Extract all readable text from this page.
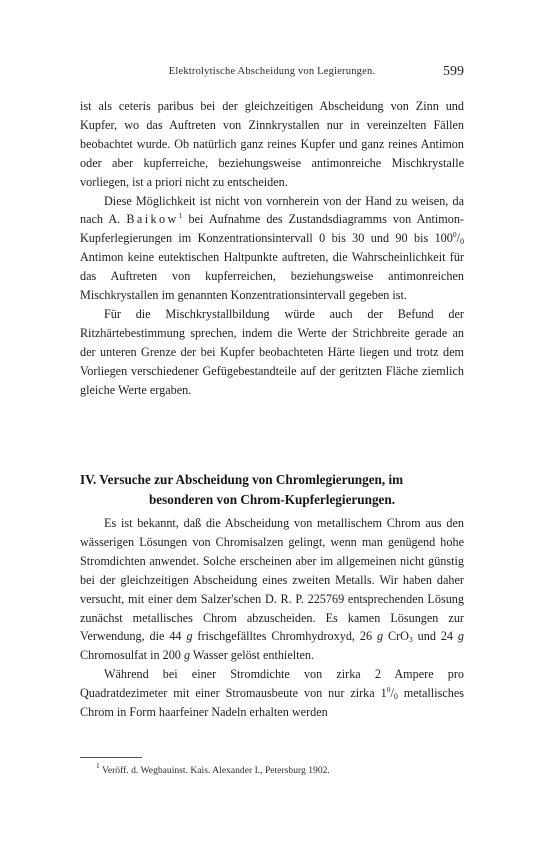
Elektrolytische Abscheidung von Legierungen.	599

ist als ceteris paribus bei der gleichzeitigen Abscheidung von Zinn und Kupfer, wo das Auftreten von Zinnkrystallen nur in vereinzelten Fällen beobachtet wurde. Ob natürlich ganz reines Kupfer und ganz reines Antimon oder aber kupferreiche, beziehungsweise antimonreiche Mischkrystalle vorliegen, ist a priori nicht zu entscheiden.

Diese Möglichkeit ist nicht von vornherein von der Hand zu weisen, da nach A. Baikow$^1$ bei Aufnahme des Zustandsdiagramms von Antimon-Kupferlegierungen im Konzentrationsintervall 0 bis 30 und 90 bis $100^0/0$ Antimon keine eutektischen Haltpunkte auftreten, die Wahrscheinlichkeit für das Auftreten von kupferreichen, beziehungsweise antimonreichen Mischkrystallen im genannten Konzentrationsintervall gegeben ist.

Für die Mischkrystallbildung würde auch der Befund der Ritzhärtebestimmung sprechen, indem die Werte der Strichbreite gerade an der unteren Grenze der bei Kupfer beobachteten Härte liegen und trotz dem Vorliegen verschiedener Gefügebestandteile auf der geritzten Fläche ziemlich gleiche Werte ergaben.

IV. Versuche zur Abscheidung von Chromlegierungen, im
besonderen von Chrom-Kupferlegierungen.

Es ist bekannt, daß die Abscheidung von metallischem Chrom aus den wässerigen Lösungen von Chromisalzen gelingt, wenn man genügend hohe Stromdichten anwendet. Solche erscheinen aber im allgemeinen nicht günstig bei der gleichzeitigen Abscheidung eines zweiten Metalls. Wir haben daher versucht, mit einer dem Salzer'schen D. R. P. 225769 entsprechenden Lösung zunächst metallisches Chrom abzuscheiden. Es kamen Lösungen zur Verwendung, die 44 g frischgefälltes Chromhydroxyd, 26 g CrO$_3$ und 24 g Chromosulfat in 200 g Wasser gelöst enthielten.

Während bei einer Stromdichte von zirka 2 Ampere pro Quadratdezimeter mit einer Stromausbeute von nur zirka $1^0/0$ metallisches Chrom in Form haarfeiner Nadeln erhalten werden

$^1$ Veröff. d. Wegbauinst. Kais. Alexander I., Petersburg 1902.
